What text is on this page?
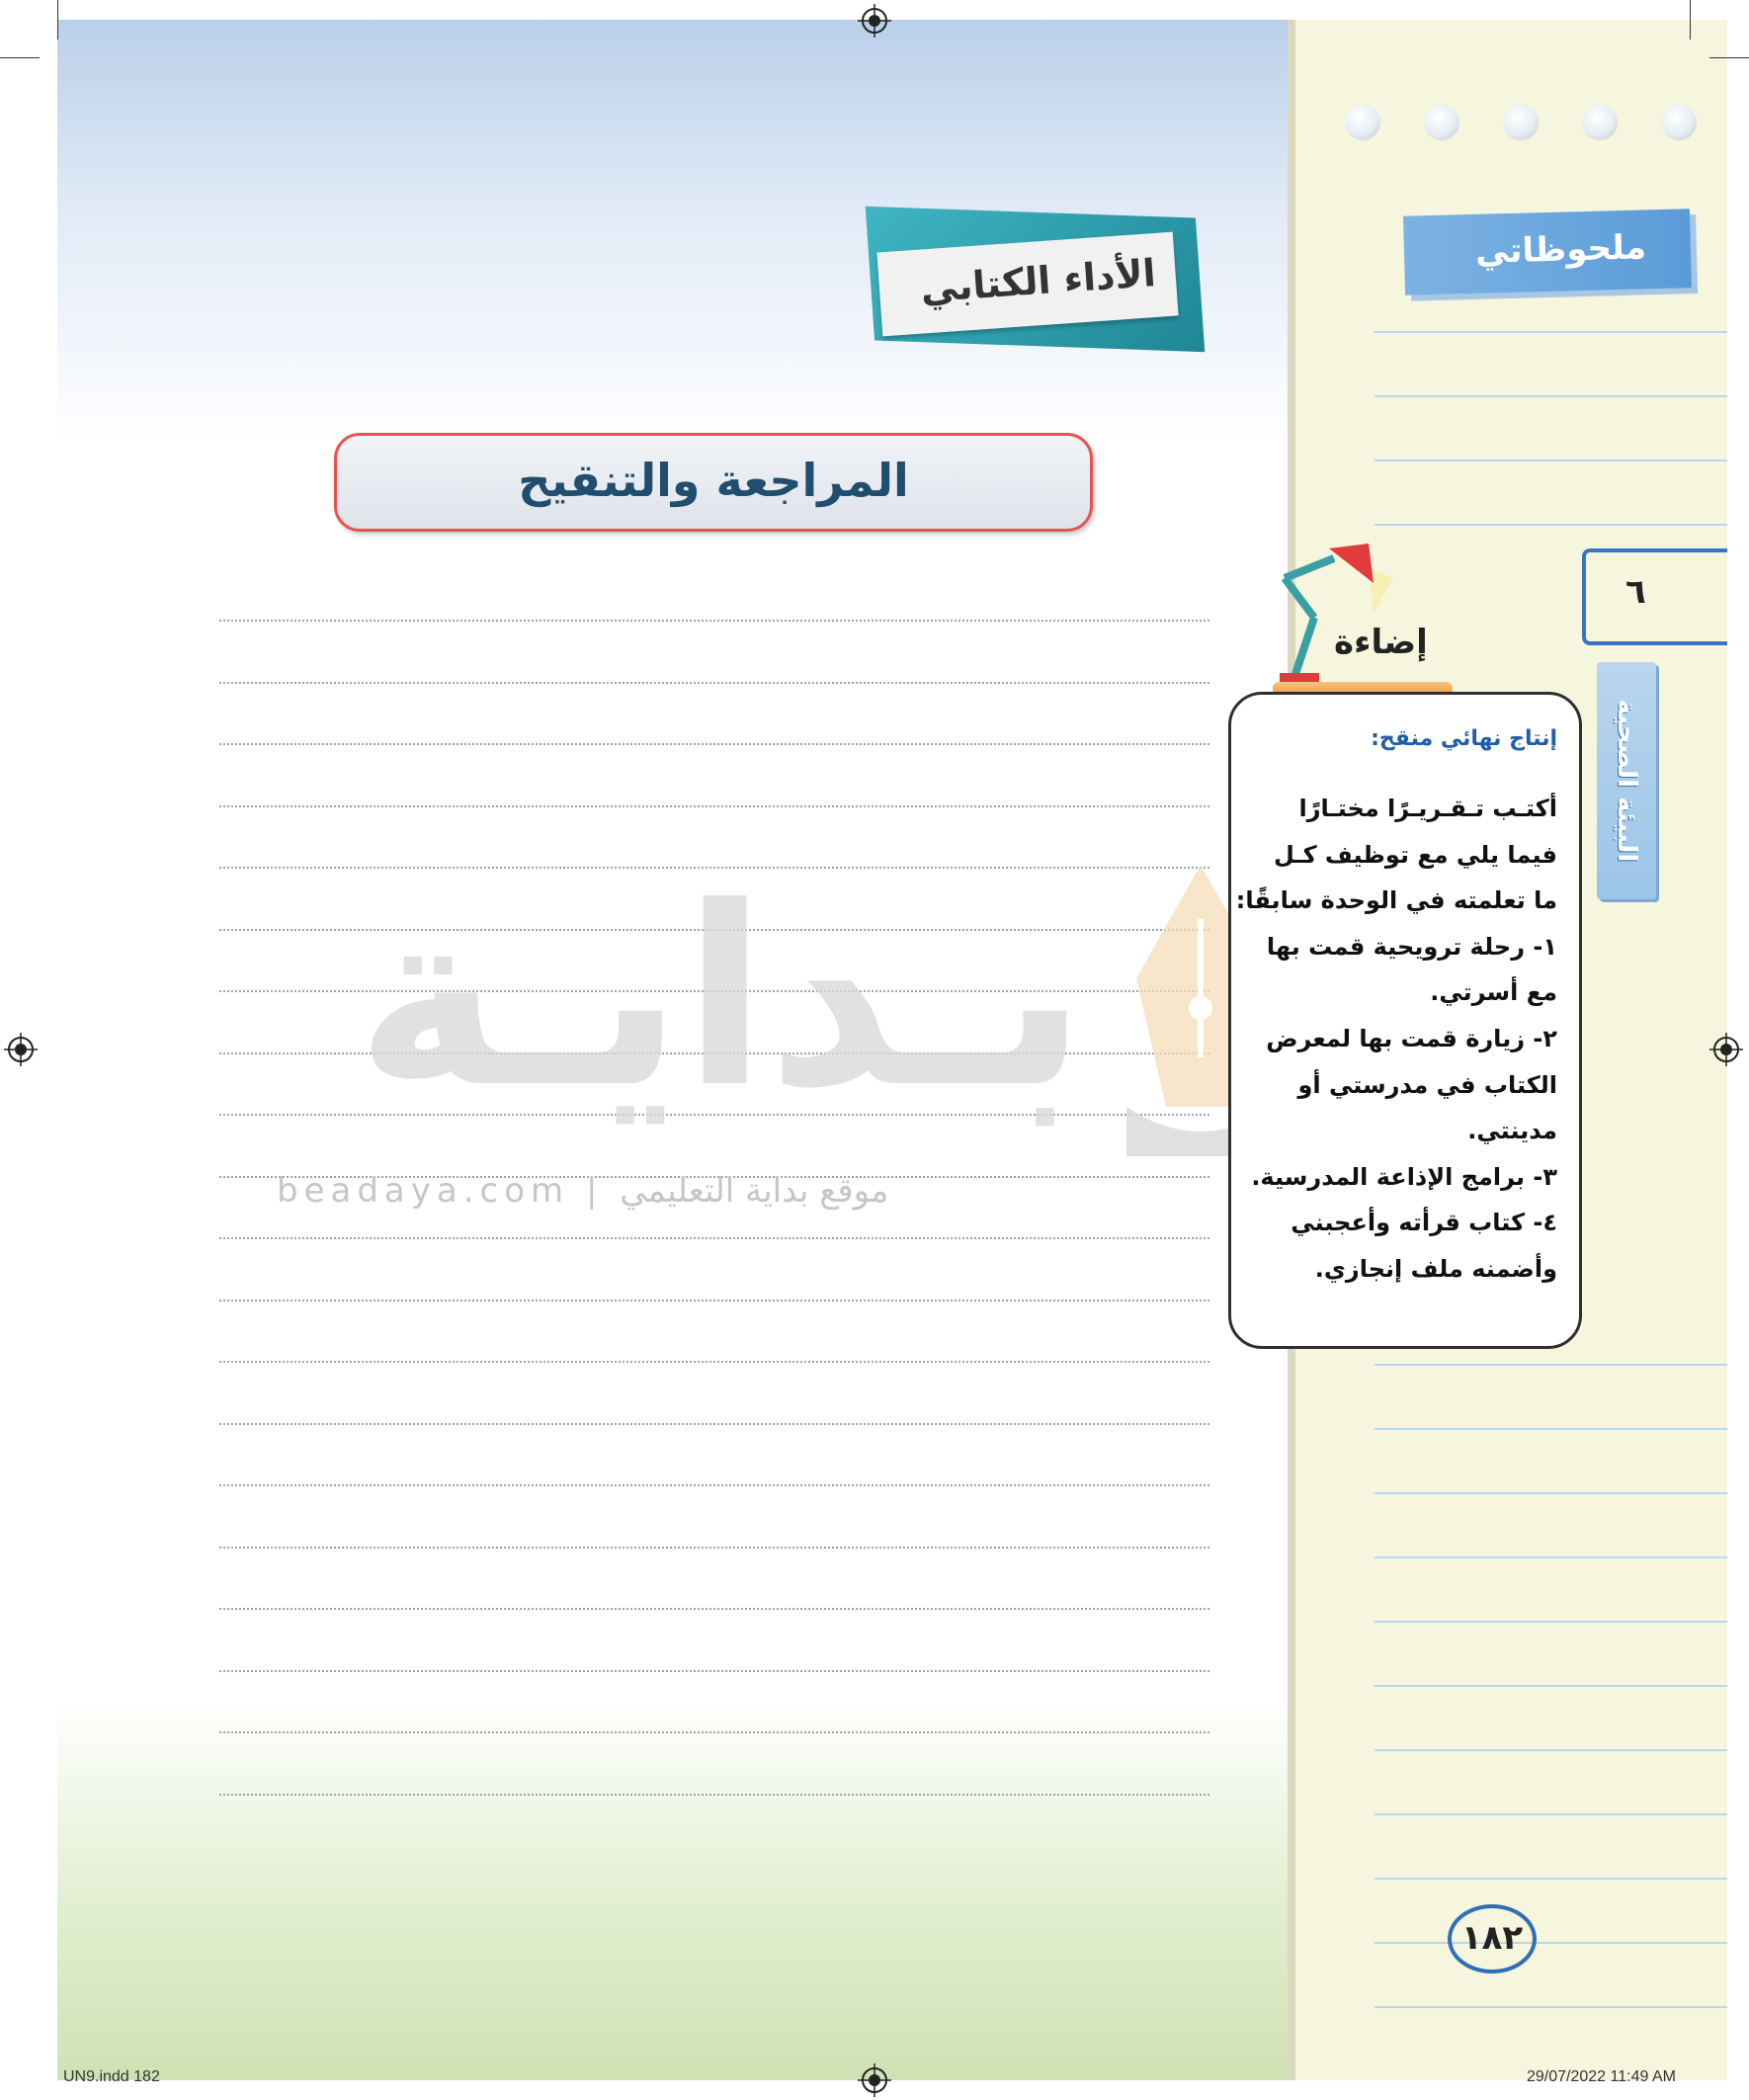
ملحوظاتي
٦
البيئة الصحية
الأداء الكتابي
المراجعة والتنقيح
بـدايـة
beadaya.com | موقع بداية التعليمي
إضاءة
إنتاج نهائي منقح:
أكتـب تـقـريـرًا مختـارًا
فيما يلي مع توظيف كـل
ما تعلمته في الوحدة سابقًا:
١- رحلة ترويحية قمت بها
مع أسرتي.
٢- زيارة قمت بها لمعرض
الكتاب في مدرستي أو
مدينتي.
٣- برامج الإذاعة المدرسية.
٤- كتاب قرأته وأعجبني
وأضمنه ملف إنجازي.
١٨٢
UN9.indd 182	29/07/2022 11:49 AM
